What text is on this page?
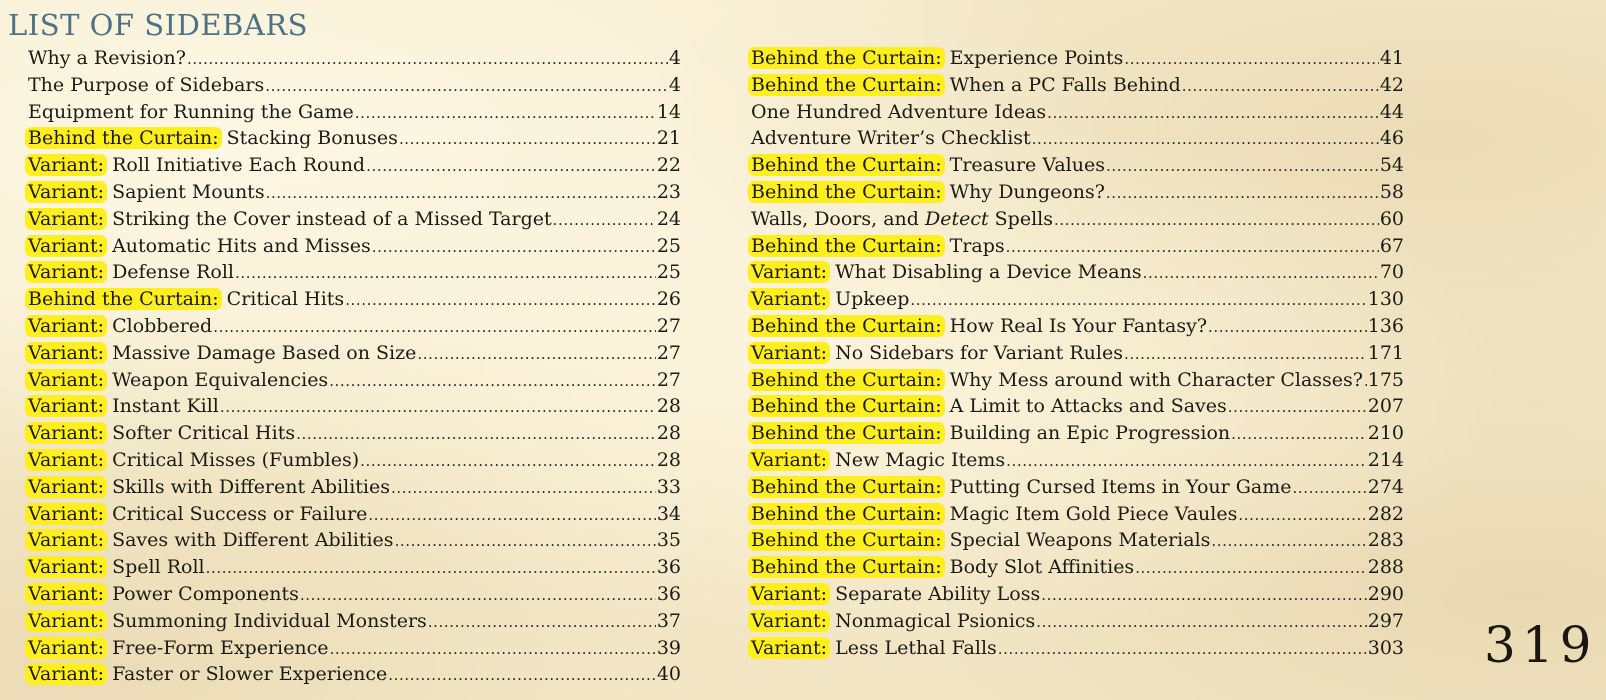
LIST OF SIDEBARS
Why a Revision? .....	4
The Purpose of Sidebars .....	4
Equipment for Running the Game .....	14
Behind the Curtain: Stacking Bonuses .....	21
Variant: Roll Initiative Each Round .....	22
Variant: Sapient Mounts .....	23
Variant: Striking the Cover instead of a Missed Target .....	24
Variant: Automatic Hits and Misses .....	25
Variant: Defense Roll .....	25
Behind the Curtain: Critical Hits .....	26
Variant: Clobbered .....	27
Variant: Massive Damage Based on Size .....	27
Variant: Weapon Equivalencies .....	27
Variant: Instant Kill .....	28
Variant: Softer Critical Hits .....	28
Variant: Critical Misses (Fumbles) .....	28
Variant: Skills with Different Abilities .....	33
Variant: Critical Success or Failure .....	34
Variant: Saves with Different Abilities .....	35
Variant: Spell Roll .....	36
Variant: Power Components .....	36
Variant: Summoning Individual Monsters .....	37
Variant: Free-Form Experience .....	39
Variant: Faster or Slower Experience .....	40
Behind the Curtain: Experience Points .....	41
Behind the Curtain: When a PC Falls Behind .....	42
One Hundred Adventure Ideas .....	44
Adventure Writer’s Checklist .....	46
Behind the Curtain: Treasure Values .....	54
Behind the Curtain: Why Dungeons? .....	58
Walls, Doors, and Detect Spells .....	60
Behind the Curtain: Traps .....	67
Variant: What Disabling a Device Means .....	70
Variant: Upkeep .....	130
Behind the Curtain: How Real Is Your Fantasy? .....	136
Variant: No Sidebars for Variant Rules .....	171
Behind the Curtain: Why Mess around with Character Classes? ..... 175
Behind the Curtain: A Limit to Attacks and Saves .....	207
Behind the Curtain: Building an Epic Progression .....	210
Variant: New Magic Items .....	214
Behind the Curtain: Putting Cursed Items in Your Game .....	274
Behind the Curtain: Magic Item Gold Piece Vaules .....	282
Behind the Curtain: Special Weapons Materials .....	283
Behind the Curtain: Body Slot Affinities .....	288
Variant: Separate Ability Loss .....	290
Variant: Nonmagical Psionics .....	297
Variant: Less Lethal Falls .....	303 319
